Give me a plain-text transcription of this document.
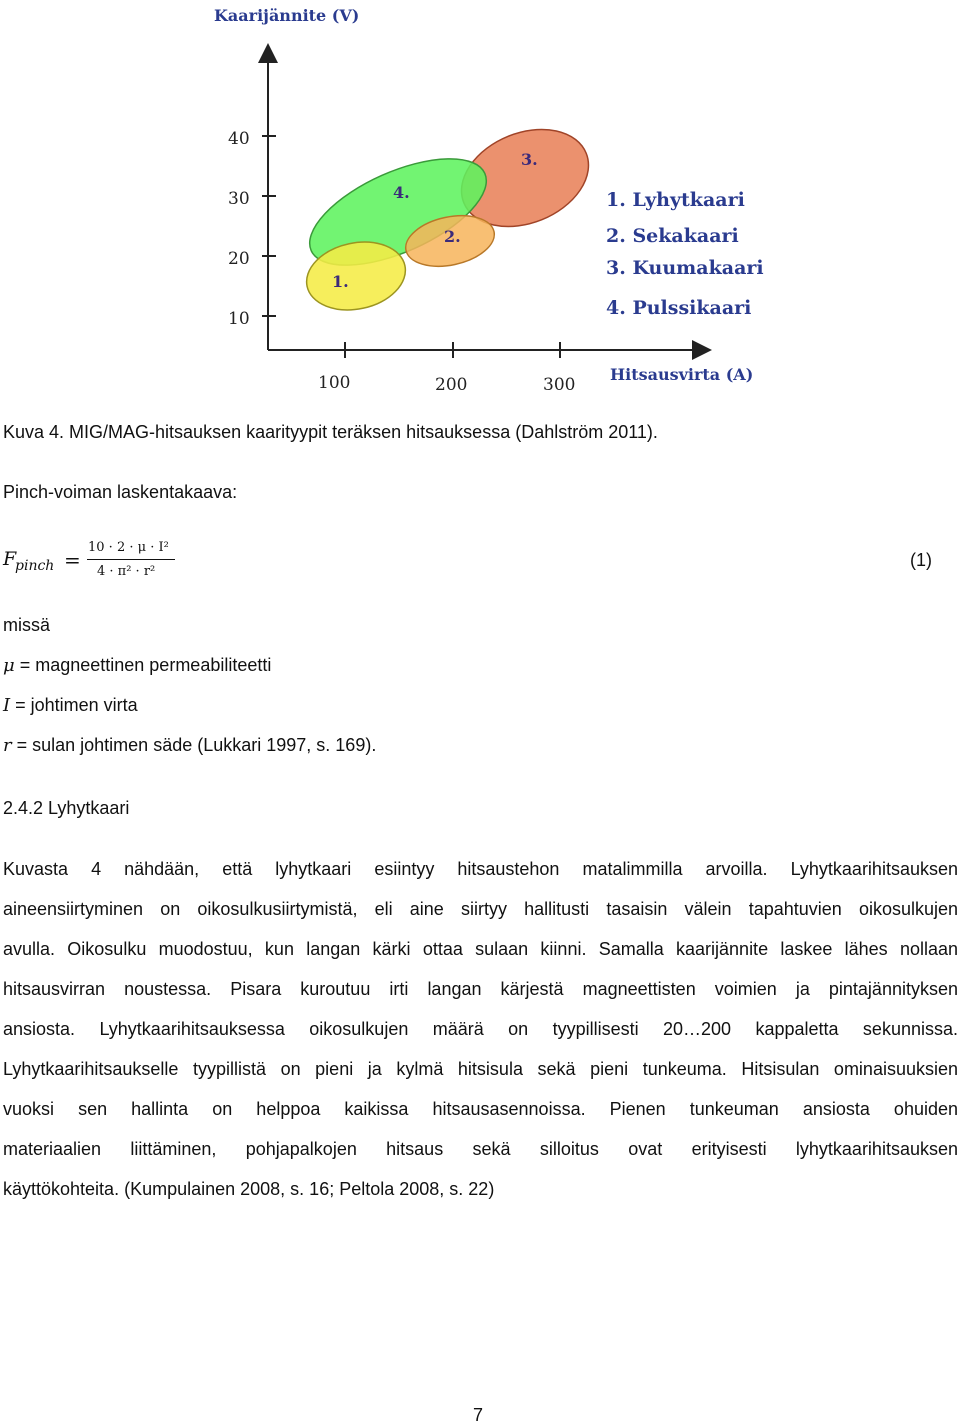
Kaarijännite (V)
40
30
20
10
100	200	300
Hitsausvirta (A)
1.
2.
3.
4.	1. Lyhytkaari
2. Sekakaari
3. Kuumakaari
4. Pulssikaari
Kuva 4. MIG/MAG-hitsauksen kaarityypit teräksen hitsauksessa (Dahlström 2011).
Pinch-voiman laskentakaava:
F
pinch =
10 · 2 · μ · I²
4 · π² · r²
(1)
missä
μ = magneettinen permeabiliteetti
I = johtimen virta
r = sulan johtimen säde (Lukkari 1997, s. 169).
2.4.2 Lyhytkaari
Kuvasta 4 nähdään, että lyhytkaari esiintyy hitsaustehon matalimmilla arvoilla. Lyhytkaarihitsauksen
aineensiirtyminen on oikosulkusiirtymistä, eli aine siirtyy hallitusti tasaisin välein tapahtuvien oikosulkujen
avulla. Oikosulku muodostuu, kun langan kärki ottaa sulaan kiinni. Samalla kaarijännite laskee lähes nollaan
hitsausvirran noustessa. Pisara kuroutuu irti langan kärjestä magneettisten voimien ja pintajännityksen
ansiosta. Lyhytkaarihitsauksessa oikosulkujen määrä on tyypillisesti 20…200 kappaletta sekunnissa.
Lyhytkaarihitsaukselle tyypillistä on pieni ja kylmä hitsisula sekä pieni tunkeuma. Hitsisulan ominaisuuksien
vuoksi sen hallinta on helppoa kaikissa hitsausasennoissa. Pienen tunkeuman ansiosta ohuiden
materiaalien liittäminen, pohjapalkojen hitsaus sekä silloitus ovat erityisesti lyhytkaarihitsauksen
käyttökohteita. (Kumpulainen 2008, s. 16; Peltola 2008, s. 22)
7
